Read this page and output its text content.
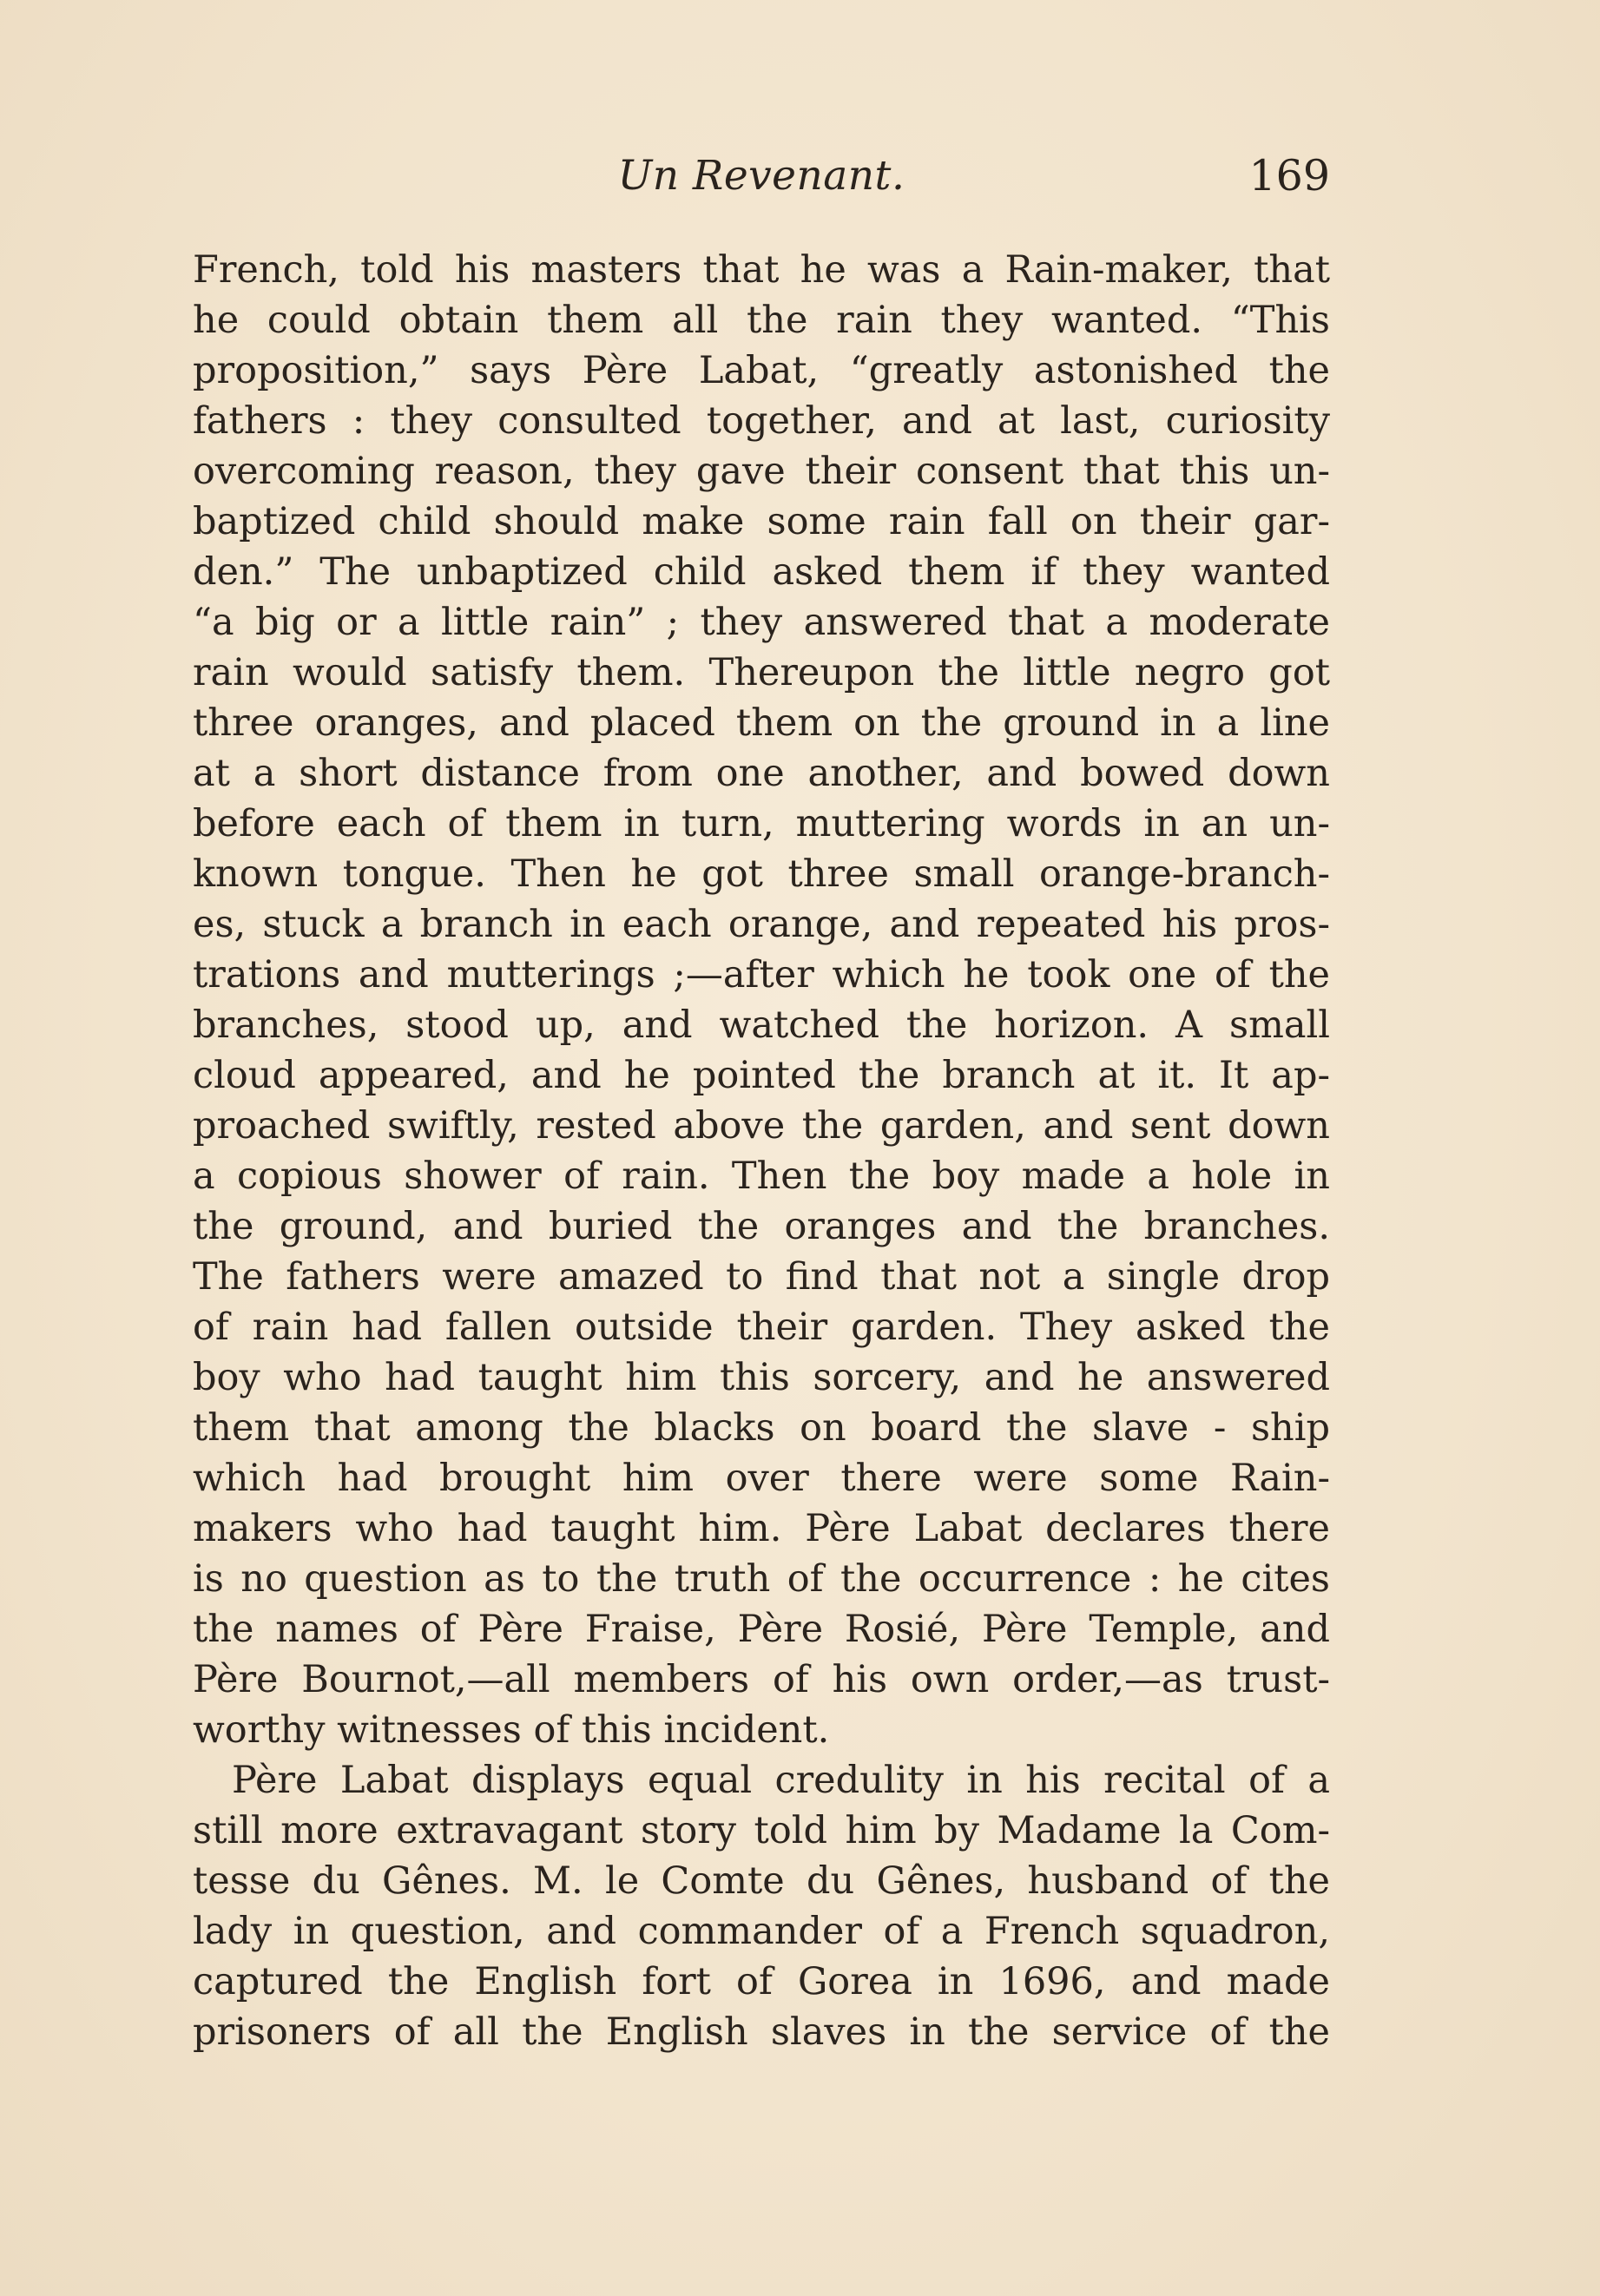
Un Revenant.	169
French, told his masters that he was a Rain-maker, that
he could obtain them all the rain they wanted. “This
proposition,” says Père Labat, “greatly astonished the
fathers : they consulted together, and at last, curiosity
overcoming reason, they gave their consent that this un-
baptized child should make some rain fall on their gar-
den.” The unbaptized child asked them if they wanted
“a big or a little rain” ; they answered that a moderate
rain would satisfy them. Thereupon the little negro got
three oranges, and placed them on the ground in a line
at a short distance from one another, and bowed down
before each of them in turn, muttering words in an un-
known tongue. Then he got three small orange-branch-
es, stuck a branch in each orange, and repeated his pros-
trations and mutterings ;—after which he took one of the
branches, stood up, and watched the horizon. A small
cloud appeared, and he pointed the branch at it. It ap-
proached swiftly, rested above the garden, and sent down
a copious shower of rain. Then the boy made a hole in
the ground, and buried the oranges and the branches.
The fathers were amazed to find that not a single drop
of rain had fallen outside their garden. They asked the
boy who had taught him this sorcery, and he answered
them that among the blacks on board the slave - ship
which had brought him over there were some Rain-
makers who had taught him. Père Labat declares there
is no question as to the truth of the occurrence : he cites
the names of Père Fraise, Père Rosié, Père Temple, and
Père Bournot,—all members of his own order,—as trust-
worthy witnesses of this incident.
Père Labat displays equal credulity in his recital of a
still more extravagant story told him by Madame la Com-
tesse du Gênes. M. le Comte du Gênes, husband of the
lady in question, and commander of a French squadron,
captured the English fort of Gorea in 1696, and made
prisoners of all the English slaves in the service of the
